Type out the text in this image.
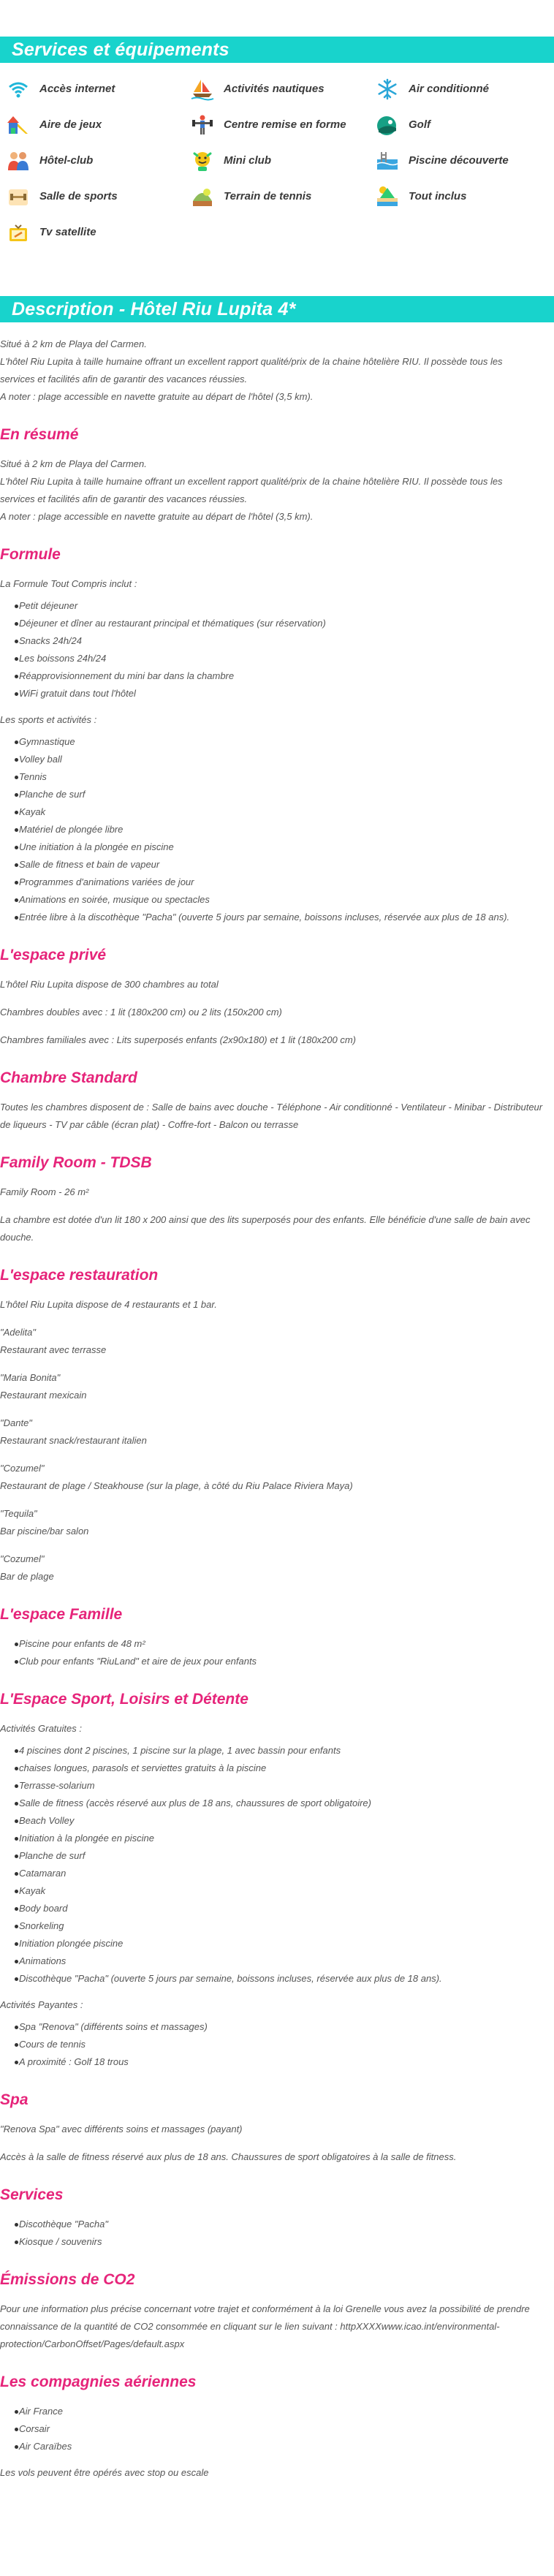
Services et équipements
Accès internet	Activités nautiques	Air conditionné
Aire de jeux	Centre remise en forme	Golf
Hôtel-club	Mini club	Piscine découverte
Salle de sports	Terrain de tennis	Tout inclus
Tv satellite
Description - Hôtel Riu Lupita 4*

Situé à 2 km de Playa del Carmen.

L'hôtel Riu Lupita à taille humaine offrant un excellent rapport qualité/prix de la chaine hôtelière RIU. Il possède tous les

services et facilités afin de garantir des vacances réussies.

A noter : plage accessible en navette gratuite au départ de l'hôtel (3,5 km).

En résumé

Situé à 2 km de Playa del Carmen.

L'hôtel Riu Lupita à taille humaine offrant un excellent rapport qualité/prix de la chaine hôtelière RIU. Il possède tous les

services et facilités afin de garantir des vacances réussies.

A noter : plage accessible en navette gratuite au départ de l'hôtel (3,5 km).

Formule

La Formule Tout Compris inclut :

Petit déjeuner
Déjeuner et dîner au restaurant principal et thématiques (sur réservation)
Snacks 24h/24
Les boissons 24h/24
Réapprovisionnement du mini bar dans la chambre
WiFi gratuit dans tout l'hôtel

Les sports et activités :

Gymnastique
Volley ball
Tennis
Planche de surf
Kayak
Matériel de plongée libre
Une initiation à la plongée en piscine
Salle de fitness et bain de vapeur
Programmes d'animations variées de jour
Animations en soirée, musique ou spectacles
Entrée libre à la discothèque "Pacha" (ouverte 5 jours par semaine, boissons incluses, réservée aux plus de 18 ans).
L'espace privé

L'hôtel Riu Lupita dispose de 300 chambres au total

Chambres doubles avec : 1 lit (180x200 cm) ou 2 lits (150x200 cm)

Chambres familiales avec : Lits superposés enfants (2x90x180) et 1 lit (180x200 cm)

Chambre Standard

Toutes les chambres disposent de : Salle de bains avec douche - Téléphone - Air conditionné - Ventilateur - Minibar - Distributeur de liqueurs - TV par câble (écran plat) - Coffre-fort - Balcon ou terrasse

Family Room - TDSB

Family Room - 26 m²

La chambre est dotée d'un lit 180 x 200 ainsi que des lits superposés pour des enfants. Elle bénéficie d'une salle de bain avec douche.

L'espace restauration

L'hôtel Riu Lupita dispose de 4 restaurants et 1 bar.

"Adelita"

Restaurant avec terrasse

"Maria Bonita"

Restaurant mexicain

"Dante"

Restaurant snack/restaurant italien

"Cozumel"

Restaurant de plage / Steakhouse (sur la plage, à côté du Riu Palace Riviera Maya)

"Tequila"

Bar piscine/bar salon

"Cozumel"

Bar de plage

L'espace Famille
Piscine pour enfants de 48 m²
Club pour enfants "RiuLand" et aire de jeux pour enfants
L'Espace Sport, Loisirs et Détente

Activités Gratuites :

4 piscines dont 2 piscines, 1 piscine sur la plage, 1 avec bassin pour enfants
chaises longues, parasols et serviettes gratuits à la piscine
Terrasse-solarium
Salle de fitness (accès réservé aux plus de 18 ans, chaussures de sport obligatoire)
Beach Volley
Initiation à la plongée en piscine
Planche de surf
Catamaran
Kayak
Body board
Snorkeling
Initiation plongée piscine
Animations
Discothèque "Pacha" (ouverte 5 jours par semaine, boissons incluses, réservée aux plus de 18 ans).

Activités Payantes :

Spa "Renova" (différents soins et massages)
Cours de tennis
A proximité : Golf 18 trous
Spa

"Renova Spa" avec différents soins et massages (payant)

Accès à la salle de fitness réservé aux plus de 18 ans. Chaussures de sport obligatoires à la salle de fitness.

Services
Discothèque "Pacha"
Kiosque / souvenirs
Émissions de CO2

Pour une information plus précise concernant votre trajet et conformément à la loi Grenelle vous avez la possibilité de prendre connaissance de la quantité de CO2 consommée en cliquant sur le lien suivant : httpXXXXwww.icao.int/environmental-protection/CarbonOffset/Pages/default.aspx

Les compagnies aériennes
Air France
Corsair
Air Caraïbes

Les vols peuvent être opérés avec stop ou escale
